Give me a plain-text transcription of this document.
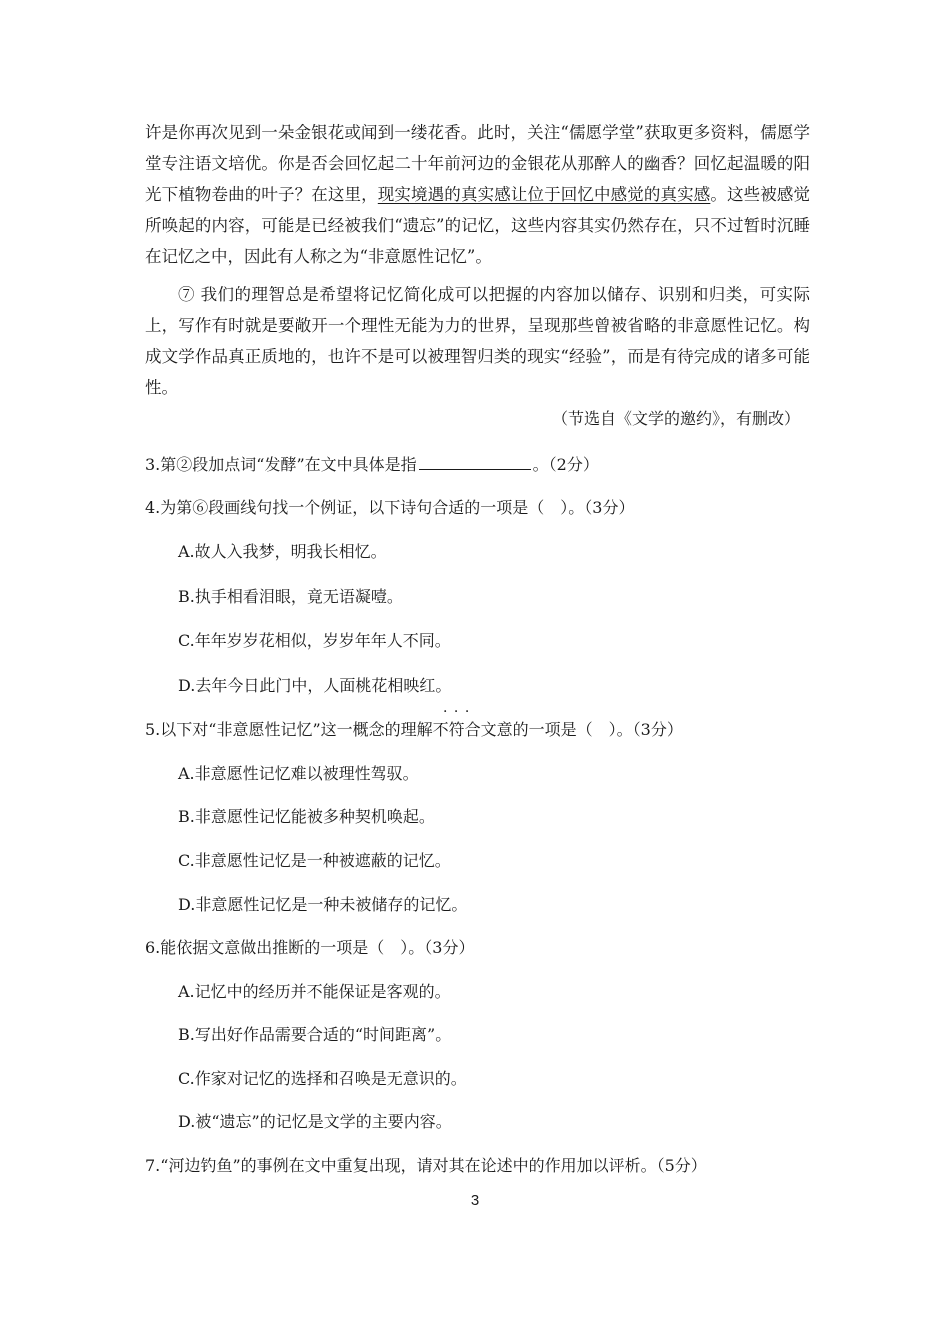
许是你再次见到一朵金银花或闻到一缕花香。此时，关注“儒愿学堂”获取更多资料，儒愿学堂专注语文培优。你是否会回忆起二十年前河边的金银花从那醉人的幽香？回忆起温暖的阳光下植物卷曲的叶子？在这里，现实境遇的真实感让位于回忆中感觉的真实感。这些被感觉所唤起的内容，可能是已经被我们“遗忘”的记忆，这些内容其实仍然存在，只不过暂时沉睡在记忆之中，因此有人称之为“非意愿性记忆”。

⑦ 我们的理智总是希望将记忆简化成可以把握的内容加以储存、识别和归类，可实际上，写作有时就是要敞开一个理性无能为力的世界，呈现那些曾被省略的非意愿性记忆。构成文学作品真正质地的，也许不是可以被理智归类的现实“经验”，而是有待完成的诸多可能性。

（节选自《文学的邀约》，有删改）

3.第②段加点词“发酵”在文中具体是指	。（2分）

4.为第⑥段画线句找一个例证，以下诗句合适的一项是（　）。（3分）

A.故人入我梦，明我长相忆。

B.执手相看泪眼，竟无语凝噎。

C.年年岁岁花相似，岁岁年年人不同。

D.去年今日此门中，人面桃花相映红。

5.以下对“非意愿性记忆”这一概念的理解· · · 不符合文意的一项是（　）。（3分）

A.非意愿性记忆难以被理性驾驭。

B.非意愿性记忆能被多种契机唤起。

C.非意愿性记忆是一种被遮蔽的记忆。

D.非意愿性记忆是一种未被储存的记忆。

6.能依据文意做出推断的一项是（　）。（3分）

A.记忆中的经历并不能保证是客观的。

B.写出好作品需要合适的“时间距离”。

C.作家对记忆的选择和召唤是无意识的。

D.被“遗忘”的记忆是文学的主要内容。

7.“河边钓鱼”的事例在文中重复出现，请对其在论述中的作用加以评析。（5分）

3
